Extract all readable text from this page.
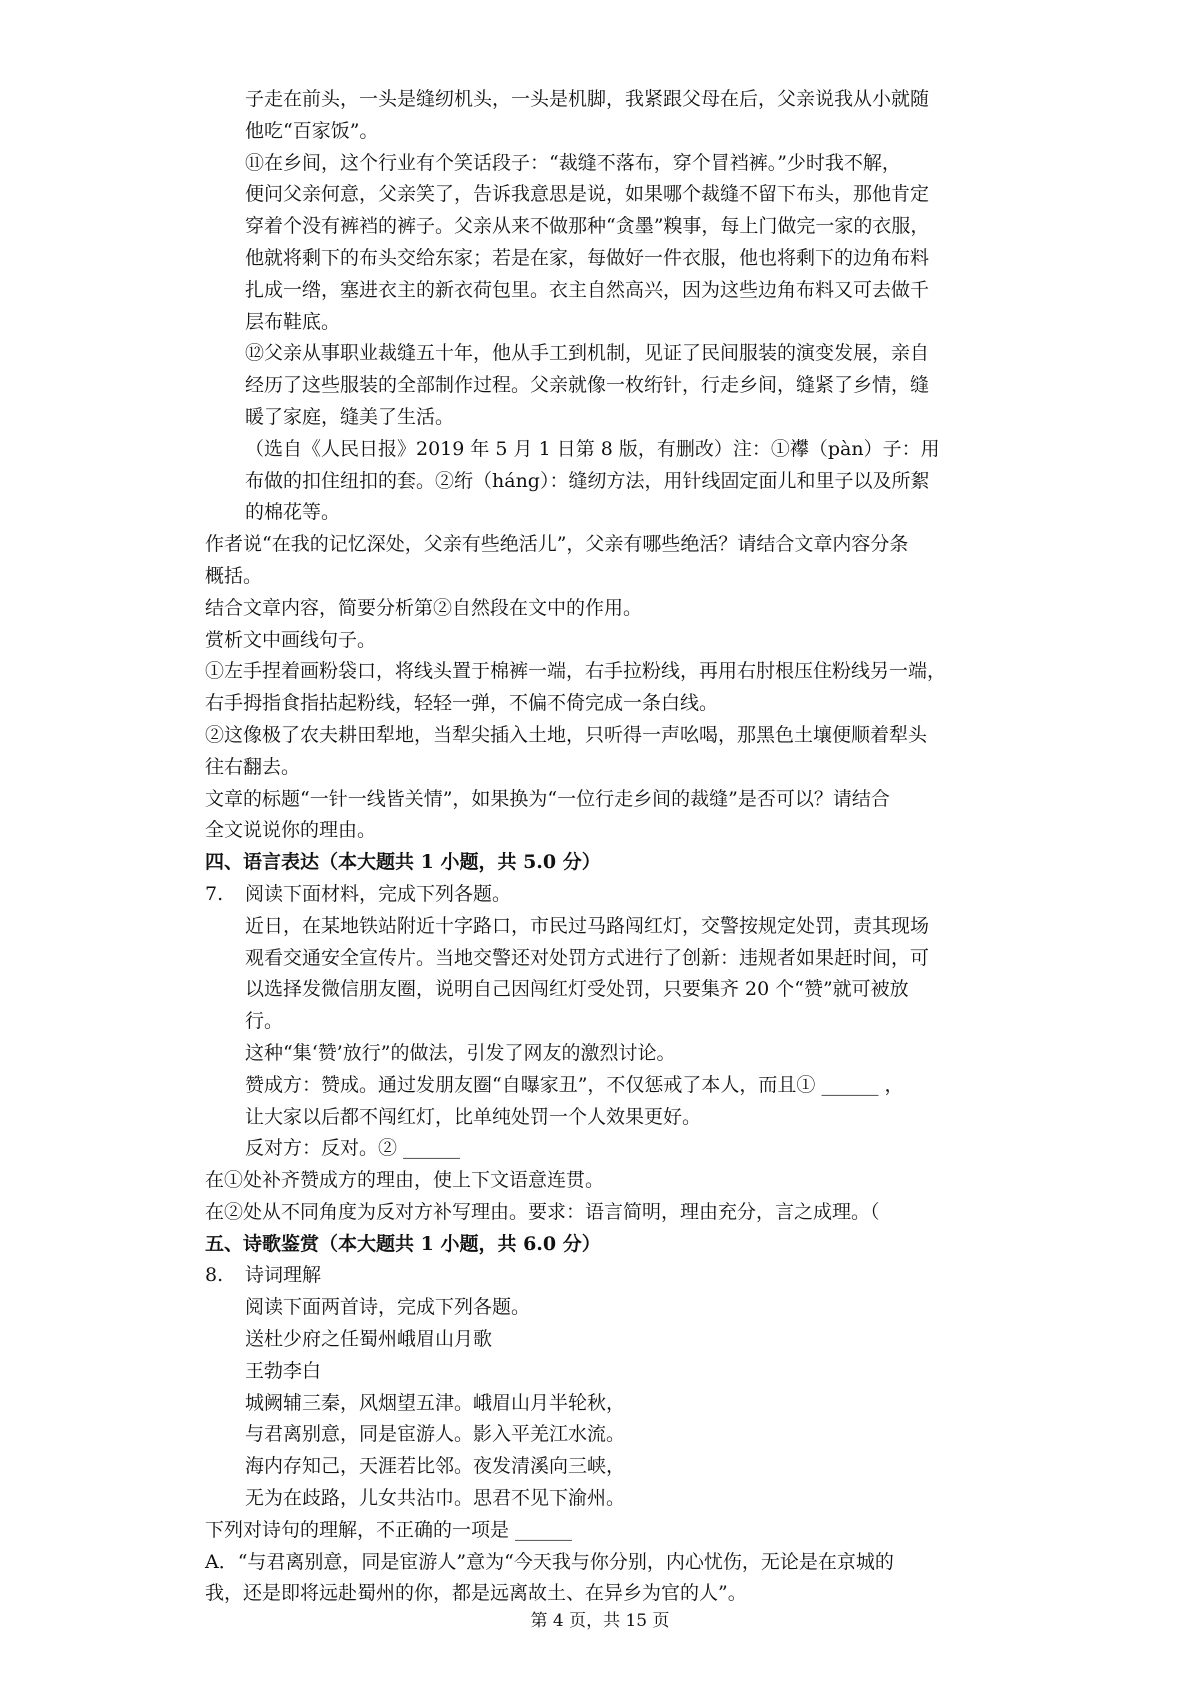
子走在前头，一头是缝纫机头，一头是机脚，我紧跟父母在后，父亲说我从小就随
他吃“百家饭”。
⑪在乡间，这个行业有个笑话段子：“裁缝不落布，穿个冒裆裤。”少时我不解，
便问父亲何意，父亲笑了，告诉我意思是说，如果哪个裁缝不留下布头，那他肯定
穿着个没有裤裆的裤子。父亲从来不做那种“贪墨”糗事，每上门做完一家的衣服，
他就将剩下的布头交给东家；若是在家，每做好一件衣服，他也将剩下的边角布料
扎成一绺，塞进衣主的新衣荷包里。衣主自然高兴，因为这些边角布料又可去做千
层布鞋底。
⑫父亲从事职业裁缝五十年，他从手工到机制，见证了民间服装的演变发展，亲自
经历了这些服装的全部制作过程。父亲就像一枚绗针，行走乡间，缝紧了乡情，缝
暖了家庭，缝美了生活。
（选自《人民日报》2019 年 5 月 1 日第 8 版，有删改）注：①襻（pàn）子：用
布做的扣住纽扣的套。②绗（háng）：缝纫方法，用针线固定面儿和里子以及所絮
的棉花等。
作者说“在我的记忆深处，父亲有些绝活儿”，父亲有哪些绝活？请结合文章内容分条
概括。
结合文章内容，简要分析第②自然段在文中的作用。
赏析文中画线句子。
①左手捏着画粉袋口，将线头置于棉裤一端，右手拉粉线，再用右肘根压住粉线另一端，
右手拇指食指拈起粉线，轻轻一弹，不偏不倚完成一条白线。
②这像极了农夫耕田犁地，当犁尖插入土地，只听得一声吆喝，那黑色土壤便顺着犁头
往右翻去。
文章的标题“一针一线皆关情”，如果换为“一位行走乡间的裁缝”是否可以？请结合
全文说说你的理由。
四、语言表达（本大题共 1 小题，共 5.0 分）
7. 阅读下面材料，完成下列各题。
近日，在某地铁站附近十字路口，市民过马路闯红灯，交警按规定处罚，责其现场
观看交通安全宣传片。当地交警还对处罚方式进行了创新：违规者如果赶时间，可
以选择发微信朋友圈，说明自己因闯红灯受处罚，只要集齐 20 个“赞”就可被放
行。
这种“集‘赞’放行”的做法，引发了网友的激烈讨论。
赞成方：赞成。通过发朋友圈“自曝家丑”，不仅惩戒了本人，而且① ______ ，
让大家以后都不闯红灯，比单纯处罚一个人效果更好。
反对方：反对。② ______
在①处补齐赞成方的理由，使上下文语意连贯。
在②处从不同角度为反对方补写理由。要求：语言简明，理由充分，言之成理。（
五、诗歌鉴赏（本大题共 1 小题，共 6.0 分）
8. 诗词理解
阅读下面两首诗，完成下列各题。
送杜少府之任蜀州峨眉山月歌
王勃李白
城阙辅三秦，风烟望五津。峨眉山月半轮秋，
与君离别意，同是宦游人。影入平羌江水流。
海内存知己，天涯若比邻。夜发清溪向三峡，
无为在歧路，儿女共沾巾。思君不见下渝州。
下列对诗句的理解，不正确的一项是 ______
A．“与君离别意，同是宦游人”意为“今天我与你分别，内心忧伤，无论是在京城的
我，还是即将远赴蜀州的你，都是远离故土、在异乡为官的人”。
第 4 页，共 15 页
